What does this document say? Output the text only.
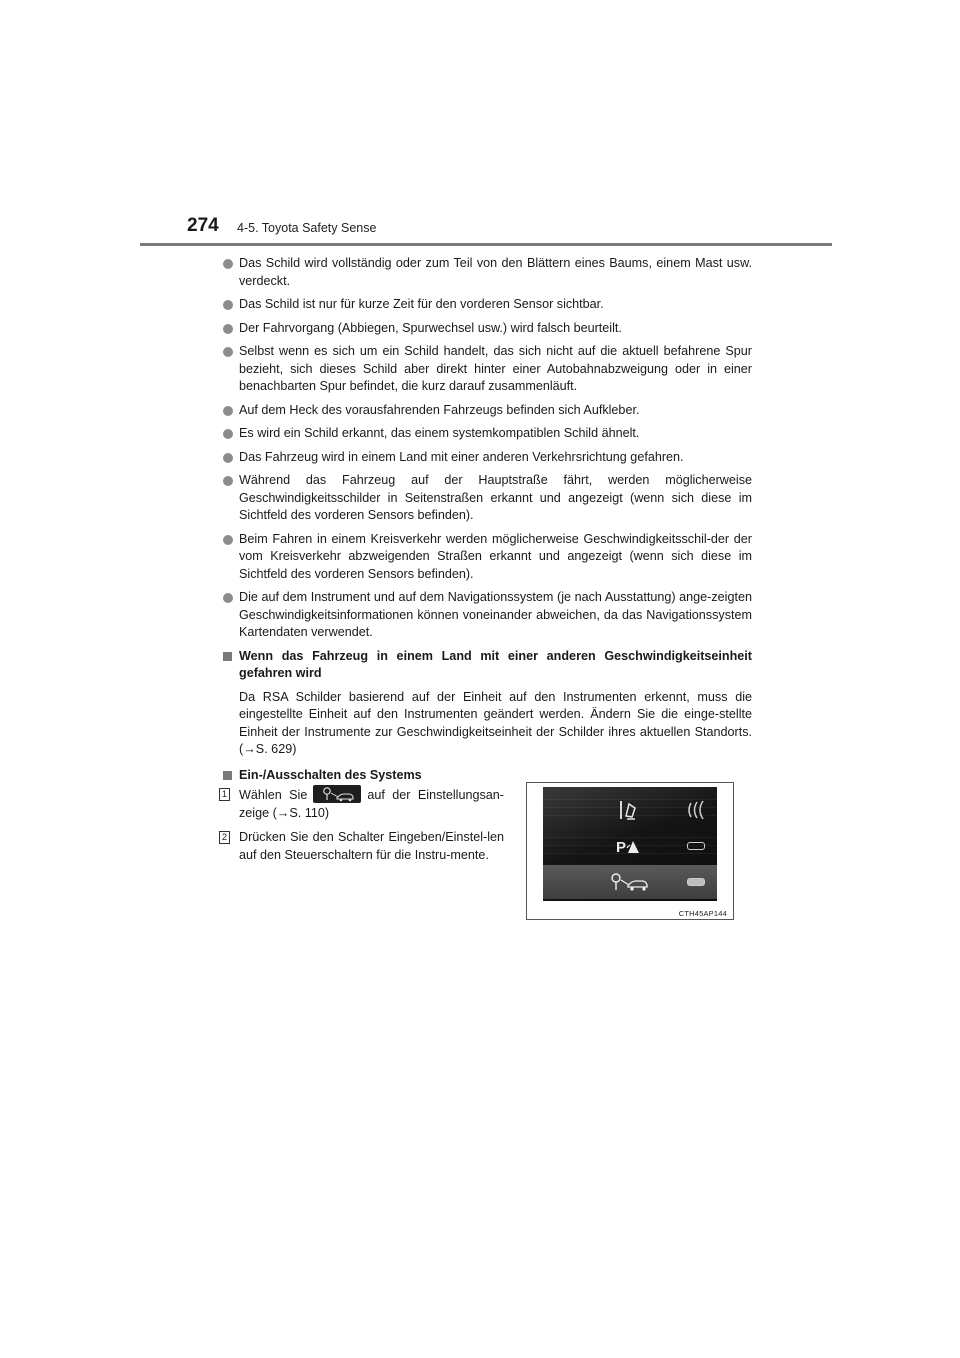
274 4-5. Toyota Safety Sense
Das Schild wird vollständig oder zum Teil von den Blättern eines Baums, einem Mast usw. verdeckt.
Das Schild ist nur für kurze Zeit für den vorderen Sensor sichtbar.
Der Fahrvorgang (Abbiegen, Spurwechsel usw.) wird falsch beurteilt.
Selbst wenn es sich um ein Schild handelt, das sich nicht auf die aktuell befahrene Spur bezieht, sich dieses Schild aber direkt hinter einer Autobahnabzweigung oder in einer benachbarten Spur befindet, die kurz darauf zusammenläuft.
Auf dem Heck des vorausfahrenden Fahrzeugs befinden sich Aufkleber.
Es wird ein Schild erkannt, das einem systemkompatiblen Schild ähnelt.
Das Fahrzeug wird in einem Land mit einer anderen Verkehrsrichtung gefahren.
Während das Fahrzeug auf der Hauptstraße fährt, werden möglicherweise Geschwindigkeitsschilder in Seitenstraßen erkannt und angezeigt (wenn sich diese im Sichtfeld des vorderen Sensors befinden).
Beim Fahren in einem Kreisverkehr werden möglicherweise Geschwindigkeitsschil-der der vom Kreisverkehr abzweigenden Straßen erkannt und angezeigt (wenn sich diese im Sichtfeld des vorderen Sensors befinden).
Die auf dem Instrument und auf dem Navigationssystem (je nach Ausstattung) ange-zeigten Geschwindigkeitsinformationen können voneinander abweichen, da das Navigationssystem Kartendaten verwendet.
Wenn das Fahrzeug in einem Land mit einer anderen Geschwindigkeitseinheit gefahren wird
Da RSA Schilder basierend auf der Einheit auf den Instrumenten erkennt, muss die eingestellte Einheit auf den Instrumenten geändert werden. Ändern Sie die einge-stellte Einheit der Instrumente zur Geschwindigkeitseinheit der Schilder ihres aktuellen Standorts. (→S. 629)
Ein-/Ausschalten des Systems
1 Wählen Sie	auf der Einstellungsan-zeige (→S. 110)
2 Drücken Sie den Schalter Eingeben/Einstel-len auf den Steuerschaltern für die Instru-mente.	P
CTH45AP144
